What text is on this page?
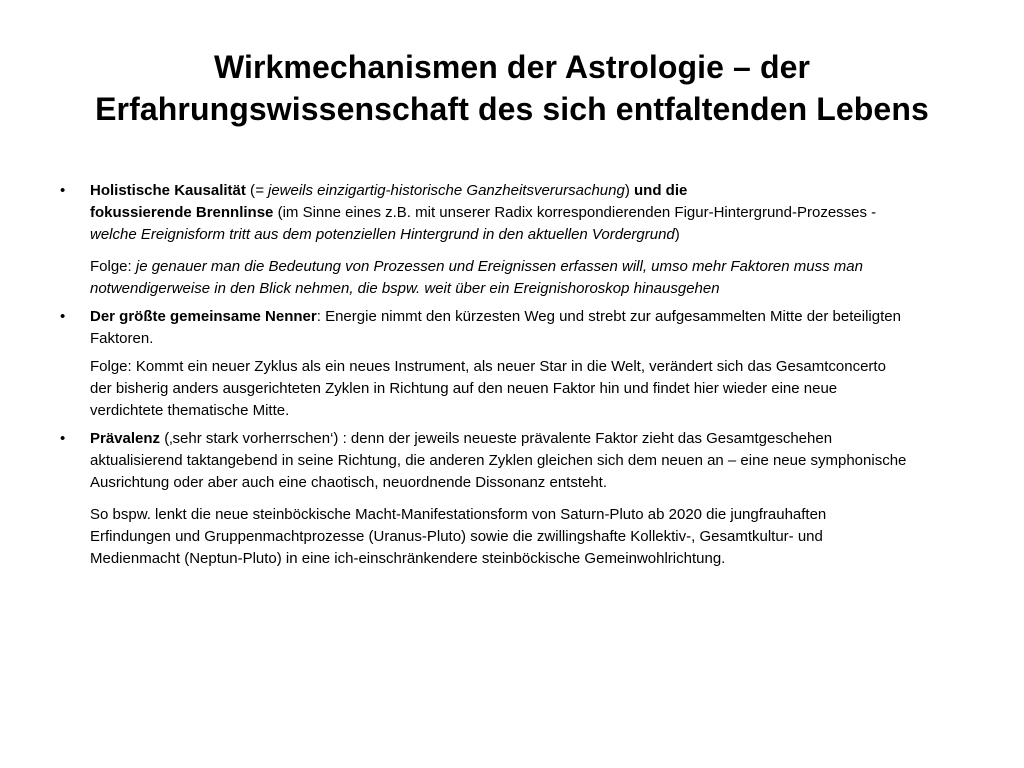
Wirkmechanismen der Astrologie – der
Erfahrungswissenschaft des sich entfaltenden Lebens
•	Holistische Kausalität (= jeweils einzigartig-historische Ganzheitsverursachung) und die
fokussierende Brennlinse (im Sinne eines z.B. mit unserer Radix korrespondierenden Figur-Hintergrund-Prozesses - welche Ereignisform tritt aus dem potenziellen Hintergrund in den aktuellen Vordergrund)
Folge: je genauer man die Bedeutung von Prozessen und Ereignissen erfassen will, umso mehr Faktoren muss man notwendigerweise in den Blick nehmen, die bspw. weit über ein Ereignishoroskop hinausgehen
•	Der größte gemeinsame Nenner: Energie nimmt den kürzesten Weg und strebt zur aufgesammelten Mitte der beteiligten Faktoren.
Folge: Kommt ein neuer Zyklus als ein neues Instrument, als neuer Star in die Welt, verändert sich das Gesamtconcerto der bisherig anders ausgerichteten Zyklen in Richtung auf den neuen Faktor hin und findet hier wieder eine neue verdichtete thematische Mitte.
•	Prävalenz (‚sehr stark vorherrschen‘) : denn der jeweils neueste prävalente Faktor zieht das Gesamtgeschehen aktualisierend taktangebend in seine Richtung, die anderen Zyklen gleichen sich dem neuen an – eine neue symphonische Ausrichtung oder aber auch eine chaotisch, neuordnende Dissonanz entsteht.
So bspw. lenkt die neue steinböckische Macht-Manifestationsform von Saturn-Pluto ab 2020 die jungfrauhaften Erfindungen und Gruppenmachtprozesse (Uranus-Pluto) sowie die zwillingshafte Kollektiv-, Gesamtkultur- und Medienmacht (Neptun-Pluto) in eine ich-einschränkendere steinböckische Gemeinwohlrichtung.
